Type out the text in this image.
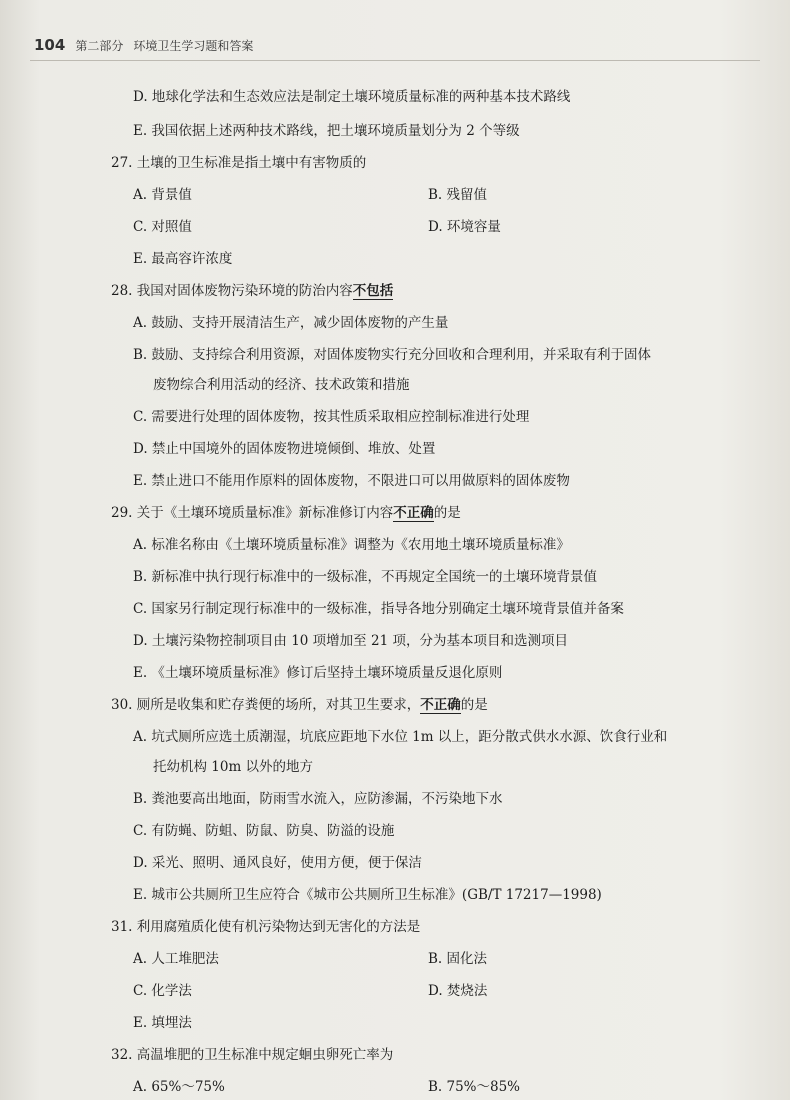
104 第二部分 环境卫生学习题和答案
D. 地球化学法和生态效应法是制定土壤环境质量标准的两种基本技术路线
E. 我国依据上述两种技术路线，把土壤环境质量划分为 2 个等级
27. 土壤的卫生标准是指土壤中有害物质的
A. 背景值	B. 残留值
C. 对照值	D. 环境容量
E. 最高容许浓度
28. 我国对固体废物污染环境的防治内容不包括
A. 鼓励、支持开展清洁生产，减少固体废物的产生量
B. 鼓励、支持综合利用资源，对固体废物实行充分回收和合理利用，并采取有利于固体
废物综合利用活动的经济、技术政策和措施
C. 需要进行处理的固体废物，按其性质采取相应控制标准进行处理
D. 禁止中国境外的固体废物进境倾倒、堆放、处置
E. 禁止进口不能用作原料的固体废物，不限进口可以用做原料的固体废物
29. 关于《土壤环境质量标准》新标准修订内容不正确的是
A. 标准名称由《土壤环境质量标准》调整为《农用地土壤环境质量标准》
B. 新标准中执行现行标准中的一级标准，不再规定全国统一的土壤环境背景值
C. 国家另行制定现行标准中的一级标准，指导各地分别确定土壤环境背景值并备案
D. 土壤污染物控制项目由 10 项增加至 21 项，分为基本项目和选测项目
E. 《土壤环境质量标准》修订后坚持土壤环境质量反退化原则
30. 厕所是收集和贮存粪便的场所，对其卫生要求，不正确的是
A. 坑式厕所应选土质潮湿，坑底应距地下水位 1m 以上，距分散式供水水源、饮食行业和
托幼机构 10m 以外的地方
B. 粪池要高出地面，防雨雪水流入，应防渗漏，不污染地下水
C. 有防蝇、防蛆、防鼠、防臭、防溢的设施
D. 采光、照明、通风良好，使用方便，便于保洁
E. 城市公共厕所卫生应符合《城市公共厕所卫生标准》(GB/T 17217—1998)
31. 利用腐殖质化使有机污染物达到无害化的方法是
A. 人工堆肥法	B. 固化法
C. 化学法	D. 焚烧法
E. 填埋法
32. 高温堆肥的卫生标准中规定蛔虫卵死亡率为
A. 65%～75%	B. 75%～85%
